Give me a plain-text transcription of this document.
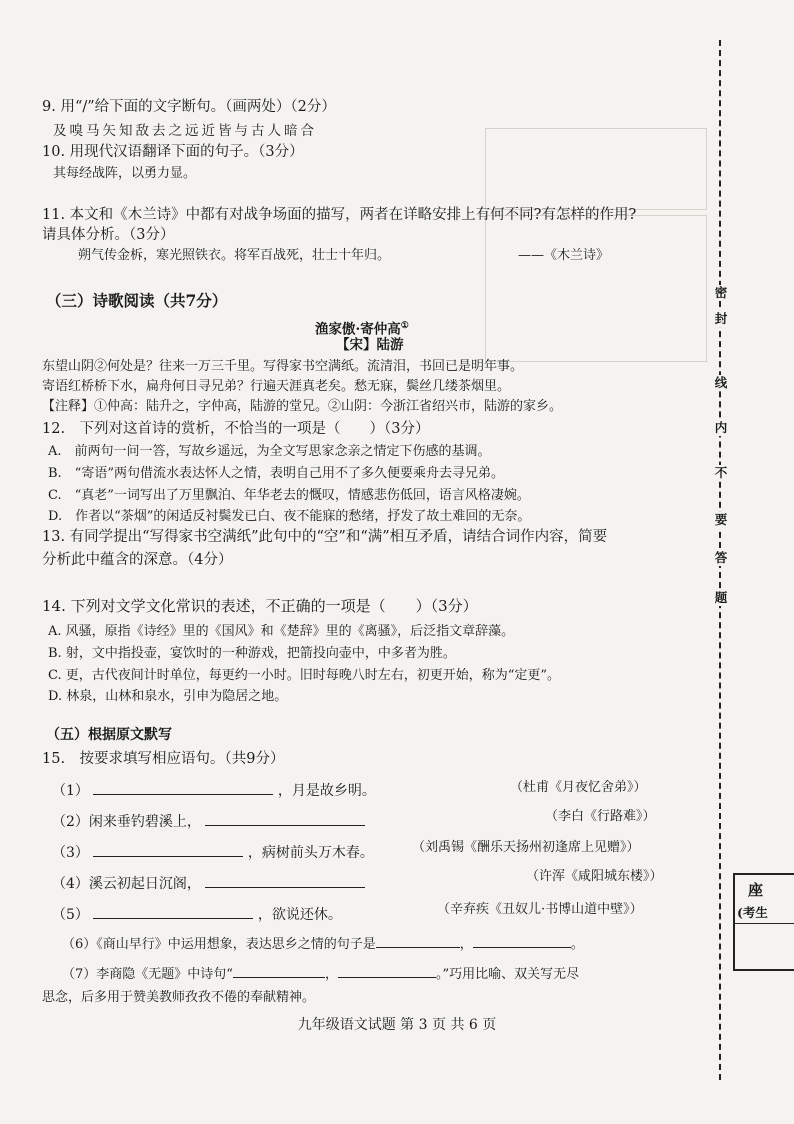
9. 用“/”给下面的文字断句。（画两处）（2分）
及嗅马矢知敌去之远近皆与古人暗合
10. 用现代汉语翻译下面的句子。（3分）
其每经战阵，以勇力显。
11. 本文和《木兰诗》中都有对战争场面的描写，两者在详略安排上有何不同?有怎样的作用?
请具体分析。（3分）
朔气传金柝，寒光照铁衣。将军百战死，壮士十年归。	——《木兰诗》
（三）诗歌阅读（共7分）
渔家傲·寄仲高①
【宋】陆游
东望山阴②何处是？往来一万三千里。写得家书空满纸。流清泪，书回已是明年事。
寄语红桥桥下水，扁舟何日寻兄弟？行遍天涯真老矣。愁无寐，鬓丝几缕茶烟里。
【注释】①仲高：陆升之，字仲高，陆游的堂兄。②山阴：今浙江省绍兴市，陆游的家乡。
12.　下列对这首诗的赏析，不恰当的一项是（　　）（3分）
A.　前两句一问一答，写故乡遥远，为全文写思家念亲之情定下伤感的基调。
B.　“寄语”两句借流水表达怀人之情，表明自己用不了多久便要乘舟去寻兄弟。
C.　“真老”一词写出了万里飘泊、年华老去的慨叹，情感悲伤低回，语言风格凄婉。
D.　作者以“茶烟”的闲适反衬鬓发已白、夜不能寐的愁绪，抒发了故土难回的无奈。
13. 有同学提出“写得家书空满纸”此句中的“空”和“满”相互矛盾，请结合词作内容，简要
分析此中蕴含的深意。（4分）
14. 下列对文学文化常识的表述，不正确的一项是（　　）（3分）
A. 风骚，原指《诗经》里的《国风》和《楚辞》里的《离骚》，后泛指文章辞藻。
B. 射，文中指投壶，宴饮时的一种游戏，把箭投向壶中，中多者为胜。
C. 更，古代夜间计时单位，每更约一小时。旧时每晚八时左右，初更开始，称为“定更”。
D. 林泉，山林和泉水，引申为隐居之地。
（五）根据原文默写
15.　按要求填写相应语句。（共9分）
（1）	，月是故乡明。	（杜甫《月夜忆舍弟》）
（2）闲来垂钓碧溪上，	（李白《行路难》）
（3）	，病树前头万木春。	（刘禹锡《酬乐天扬州初逢席上见赠》）
（4）溪云初起日沉阁，	（许浑《咸阳城东楼》）
（5）	，欲说还休。	（辛弃疾《丑奴儿·书博山道中壁》）
（6）《商山早行》中运用想象，表达思乡之情的句子是	，	。
（7）李商隐《无题》中诗句“	，	。”巧用比喻、双关写无尽
思念，后多用于赞美教师孜孜不倦的奉献精神。
九年级语文试题 第 3 页 共 6 页
密
封
线
内
不
要
答
题
座
(考生
